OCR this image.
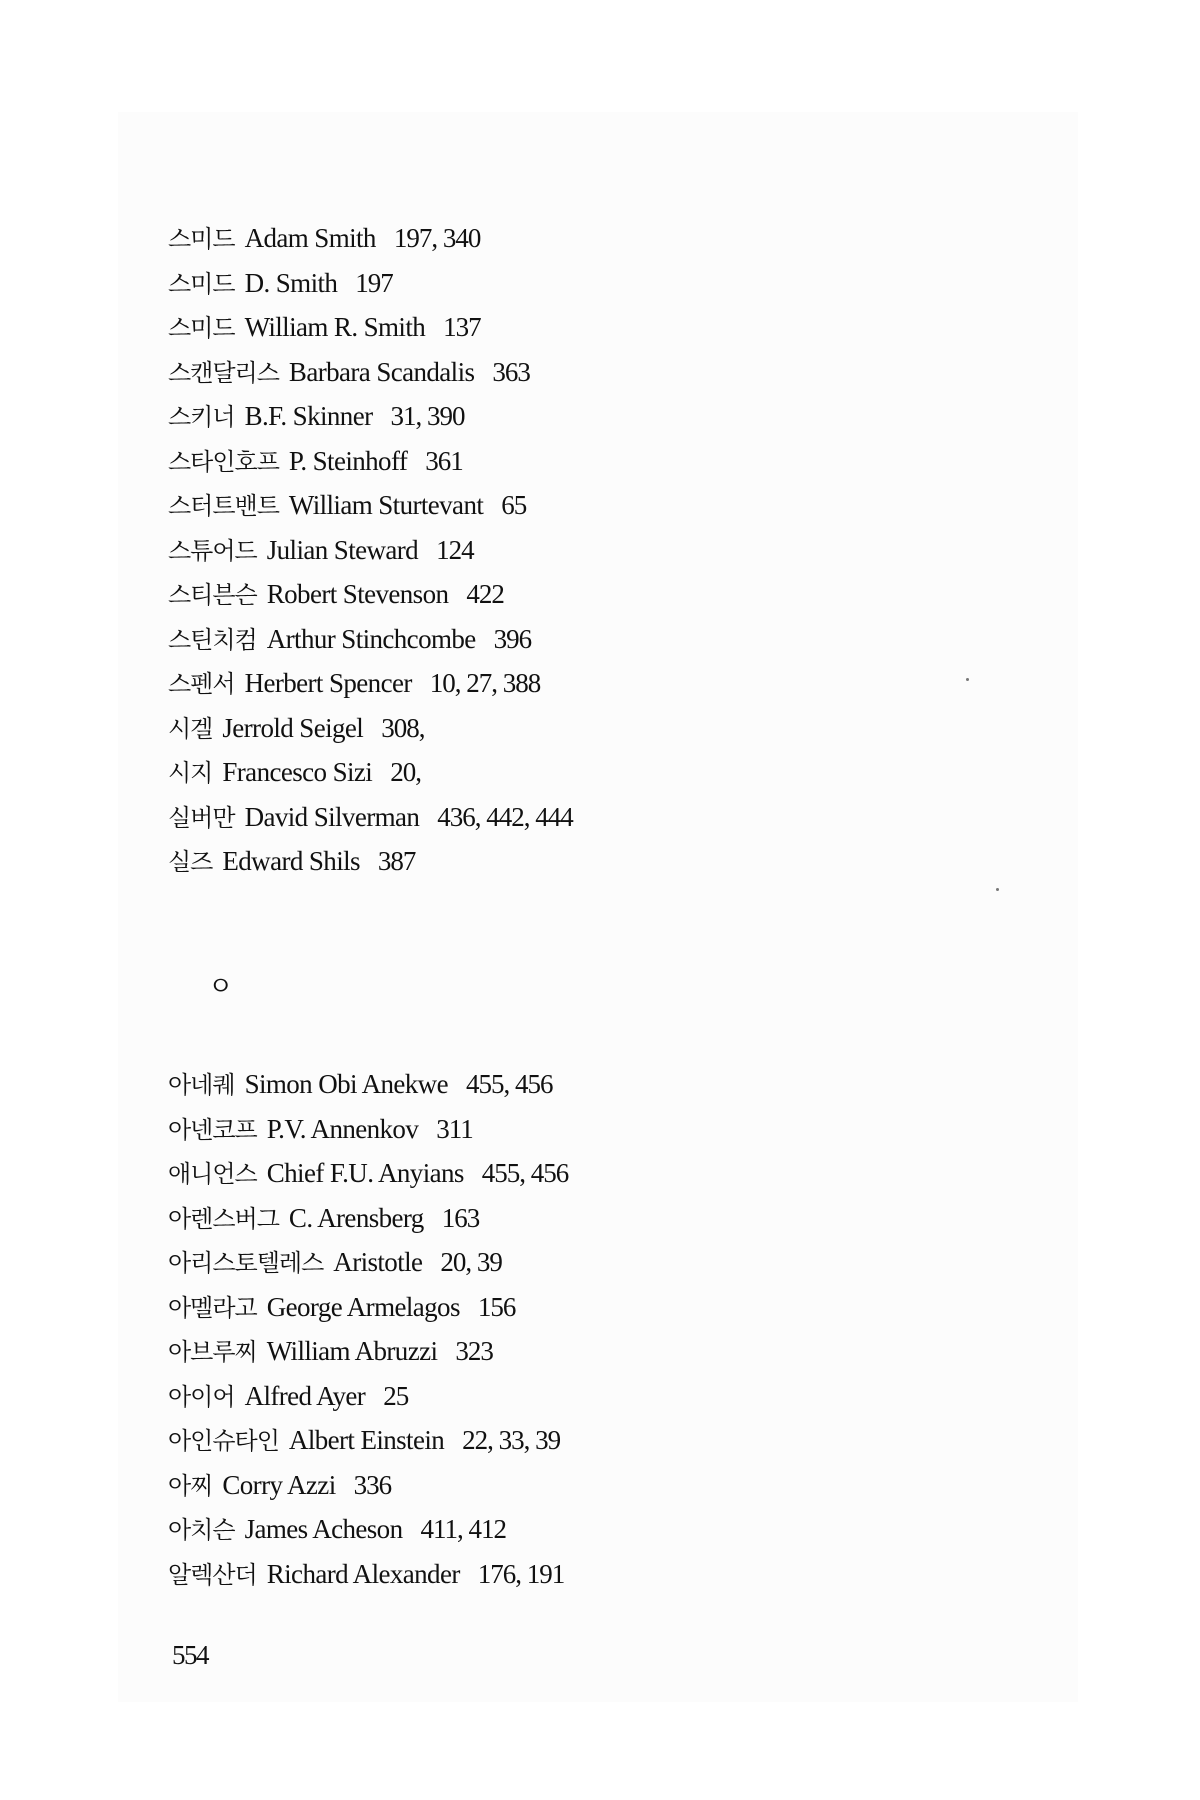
스미드 Adam Smith 197, 340
스미드 D. Smith 197
스미드 William R. Smith 137
스캔달리스 Barbara Scandalis 363
스키너 B.F. Skinner 31, 390
스타인호프 P. Steinhoff 361
스터트밴트 William Sturtevant 65
스튜어드 Julian Steward 124
스티븐슨 Robert Stevenson 422
스틴치컴 Arthur Stinchcombe 396
스펜서 Herbert Spencer 10, 27, 388
시겔 Jerrold Seigel 308,
시지 Francesco Sizi 20,
실버만 David Silverman 436, 442, 444
실즈 Edward Shils 387
ㅇ
아네퀘 Simon Obi Anekwe 455, 456
아넨코프 P.V. Annenkov 311
애니언스 Chief F.U. Anyians 455, 456
아렌스버그 C. Arensberg 163
아리스토텔레스 Aristotle 20, 39
아멜라고 George Armelagos 156
아브루찌 William Abruzzi 323
아이어 Alfred Ayer 25
아인슈타인 Albert Einstein 22, 33, 39
아찌 Corry Azzi 336
아치슨 James Acheson 411, 412
알렉산더 Richard Alexander 176, 191
554
